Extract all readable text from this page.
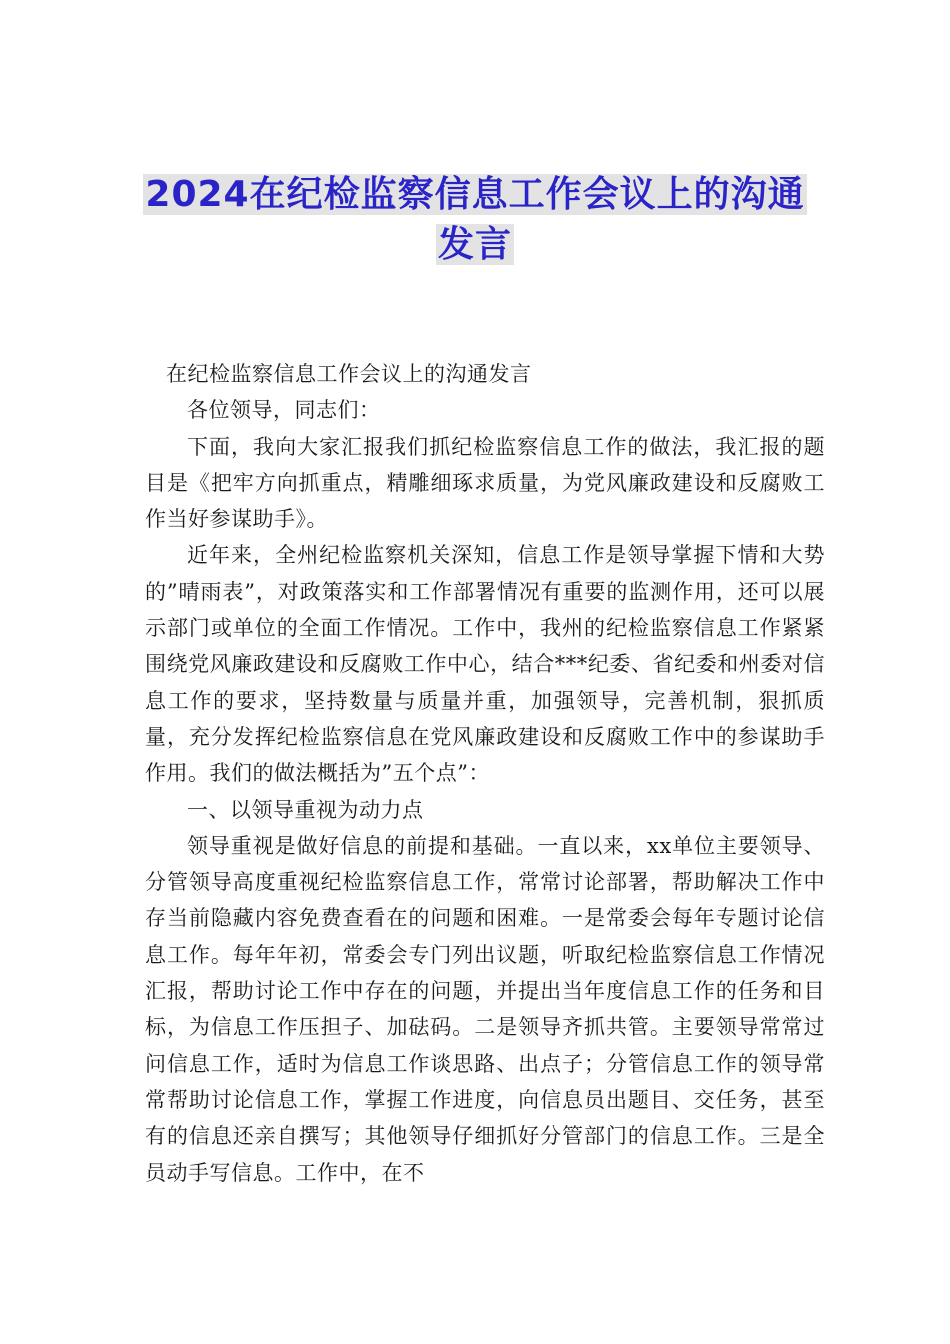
2024在纪检监察信息工作会议上的沟通
发言

在纪检监察信息工作会议上的沟通发言

各位领导，同志们：

下面，我向大家汇报我们抓纪检监察信息工作的做法，我汇报的题目是《把牢方向抓重点，精雕细琢求质量，为党风廉政建设和反腐败工作当好参谋助手》。

近年来，全州纪检监察机关深知，信息工作是领导掌握下情和大势的”晴雨表”，对政策落实和工作部署情况有重要的监测作用，还可以展示部门或单位的全面工作情况。工作中，我州的纪检监察信息工作紧紧围绕党风廉政建设和反腐败工作中心，结合***纪委、省纪委和州委对信息工作的要求，坚持数量与质量并重，加强领导，完善机制，狠抓质量，充分发挥纪检监察信息在党风廉政建设和反腐败工作中的参谋助手作用。我们的做法概括为”五个点”：

一、以领导重视为动力点

领导重视是做好信息的前提和基础。一直以来，xx单位主要领导、分管领导高度重视纪检监察信息工作，常常讨论部署，帮助解决工作中存当前隐藏内容免费查看在的问题和困难。一是常委会每年专题讨论信息工作。每年年初，常委会专门列出议题，听取纪检监察信息工作情况汇报，帮助讨论工作中存在的问题，并提出当年度信息工作的任务和目标，为信息工作压担子、加砝码。二是领导齐抓共管。主要领导常常过问信息工作，适时为信息工作谈思路、出点子；分管信息工作的领导常常帮助讨论信息工作，掌握工作进度，向信息员出题目、交任务，甚至有的信息还亲自撰写；其他领导仔细抓好分管部门的信息工作。三是全员动手写信息。工作中，在不
